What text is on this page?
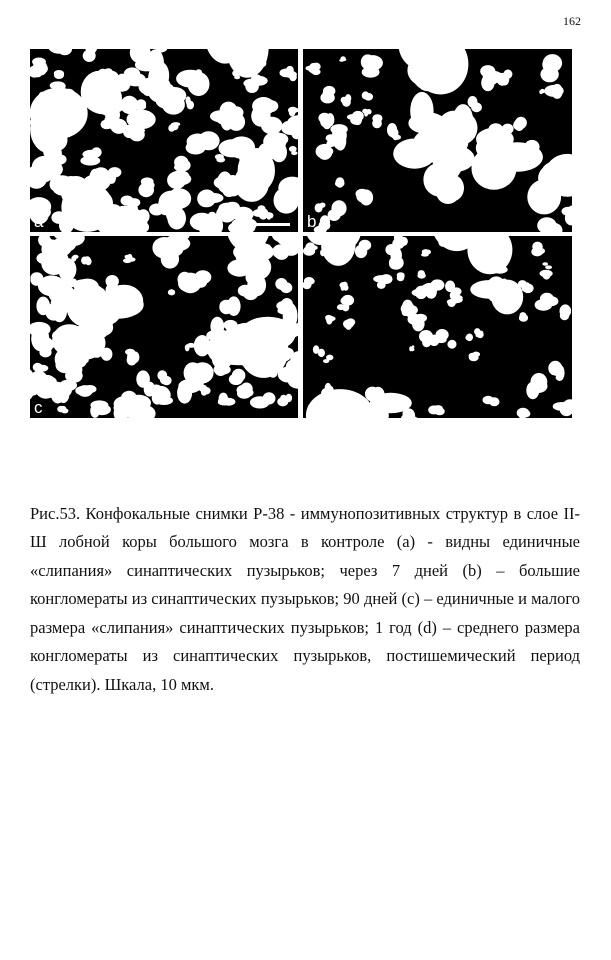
162
a	b
c	d

Рис.53. Конфокальные снимки Р-38 - иммунопозитивных структур в слое II-Ш лобной коры большого мозга в контроле (а) - видны единичные «слипания» синаптических пузырьков; через 7 дней (b) – большие конгломераты из синаптических пузырьков; 90 дней (с) – единичные и малого размера «слипания» синаптических пузырьков; 1 год (d) – среднего размера конгломераты из синаптических пузырьков, постишемический период (стрелки). Шкала, 10 мкм.
